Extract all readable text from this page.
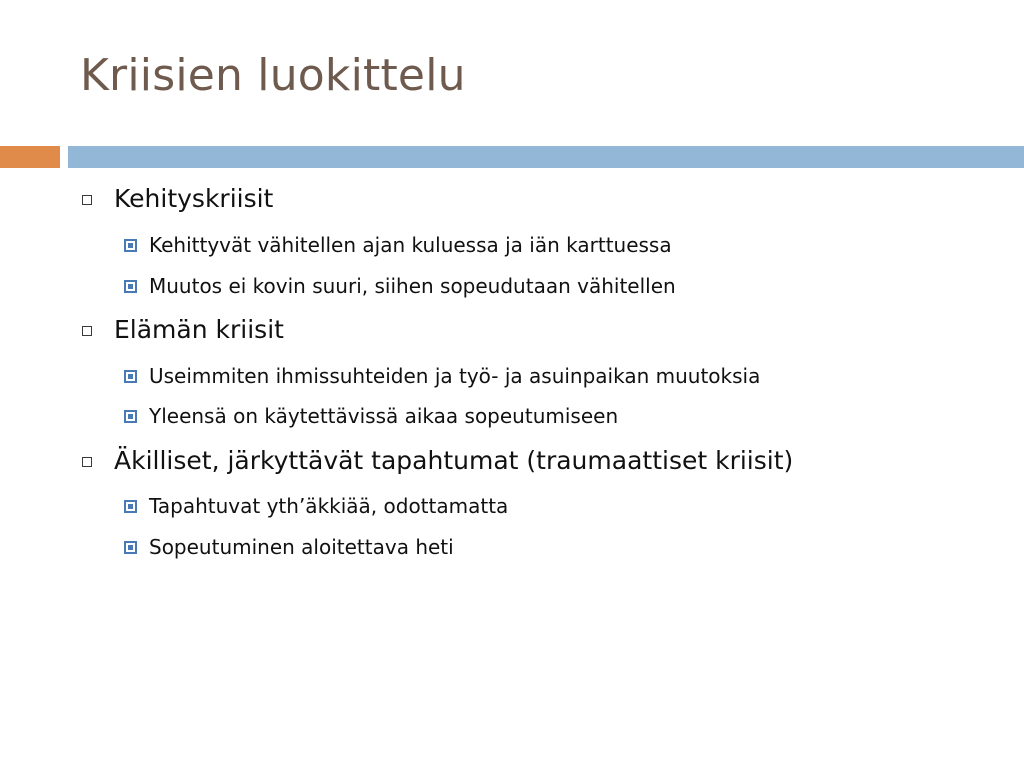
Kriisien luokittelu
Kehityskriisit
Kehittyvät vähitellen ajan kuluessa ja iän karttuessa
Muutos ei kovin suuri, siihen sopeudutaan vähitellen
Elämän kriisit
Useimmiten ihmissuhteiden ja työ- ja asuinpaikan muutoksia
Yleensä on käytettävissä aikaa sopeutumiseen
Äkilliset, järkyttävät tapahtumat (traumaattiset kriisit)
Tapahtuvat yth’äkkiää, odottamatta
Sopeutuminen aloitettava heti
